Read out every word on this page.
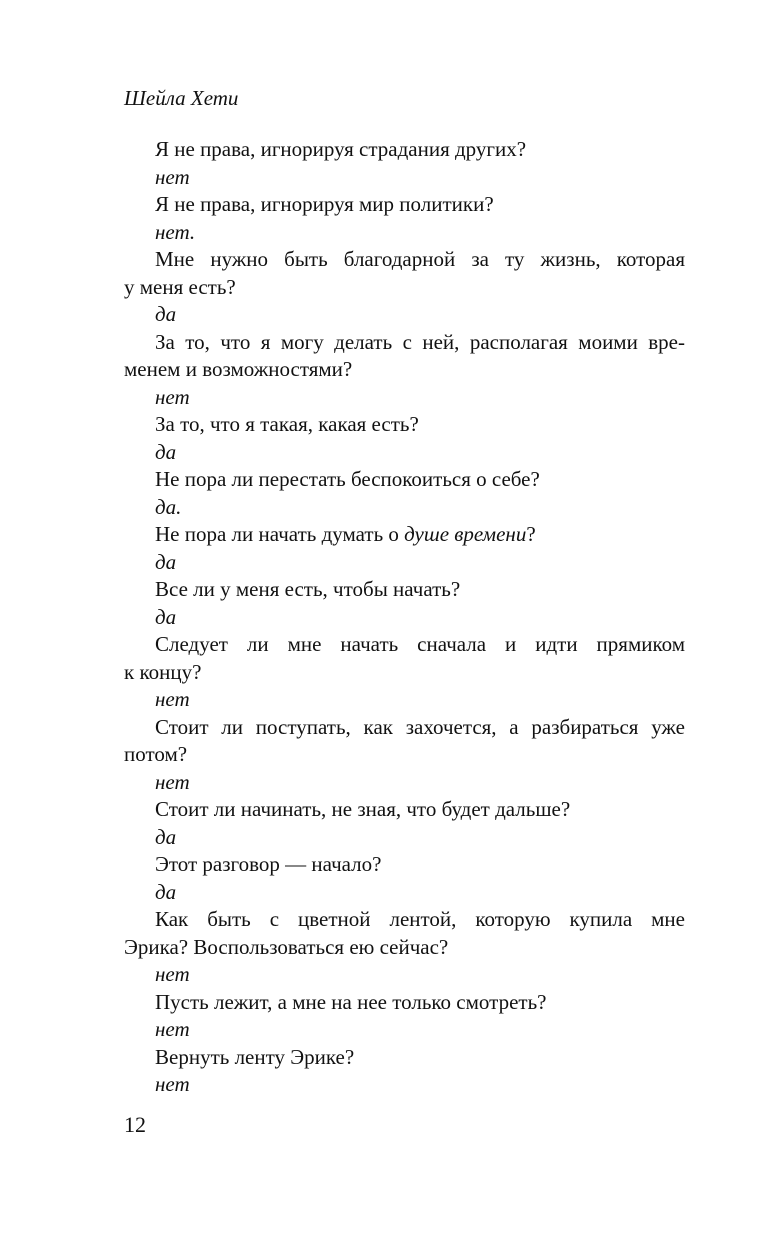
Шейла Хети
Я не права, игнорируя страдания других?
нет
Я не права, игнорируя мир политики?
нет.
Мне нужно быть благодарной за ту жизнь, которая
у меня есть?
да
За то, что я могу делать с ней, располагая моими вре-
менем и возможностями?
нет
За то, что я такая, какая есть?
да
Не пора ли перестать беспокоиться о себе?
да.
Не пора ли начать думать о душе времени?
да
Все ли у меня есть, чтобы начать?
да
Следует ли мне начать сначала и идти прямиком
к концу?
нет
Стоит ли поступать, как захочется, а разбираться уже
потом?
нет
Стоит ли начинать, не зная, что будет дальше?
да
Этот разговор — начало?
да
Как быть с цветной лентой, которую купила мне
Эрика? Воспользоваться ею сейчас?
нет
Пусть лежит, а мне на нее только смотреть?
нет
Вернуть ленту Эрике?
нет
12
